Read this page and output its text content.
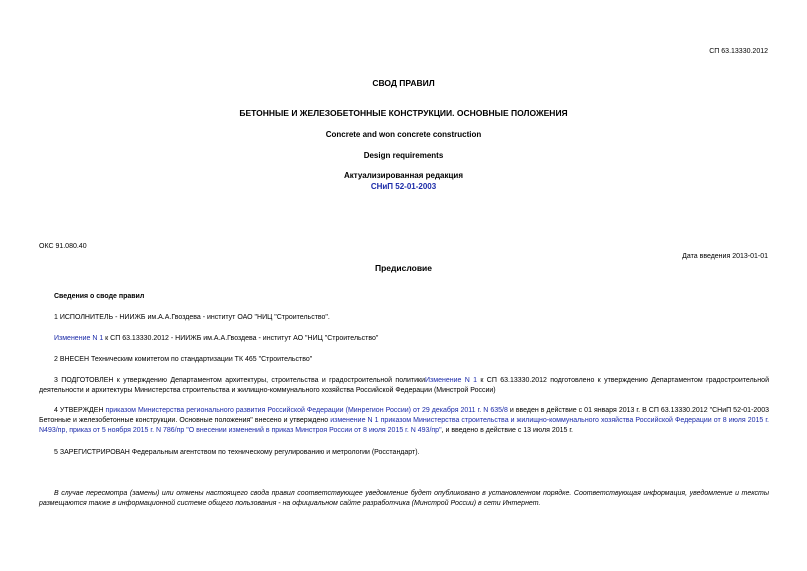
СП 63.13330.2012
СВОД ПРАВИЛ
БЕТОННЫЕ И ЖЕЛЕЗОБЕТОННЫЕ КОНСТРУКЦИИ. ОСНОВНЫЕ ПОЛОЖЕНИЯ
Concrete and won concrete construction
Design requirements
Актуализированная редакция
СНиП 52-01-2003
ОКС 91.080.40
Дата введения 2013-01-01
Предисловие
Сведения о своде правил
1 ИСПОЛНИТЕЛЬ - НИИЖБ им.А.А.Гвоздева - институт ОАО "НИЦ "Строительство".
Изменение N 1 к СП 63.13330.2012 - НИИЖБ им.А.А.Гвоздева - институт АО "НИЦ "Строительство"
2 ВНЕСЕН Техническим комитетом по стандартизации ТК 465 "Строительство"
3 ПОДГОТОВЛЕН к утверждению Департаментом архитектуры, строительства и градостроительной политикиИзменение N 1 к СП 63.13330.2012 подготовлено к утверждению Департаментом градостроительной деятельности и архитектуры Министерства строительства и жилищно-коммунального хозяйства Российской Федерации (Минстрой России)
4 УТВЕРЖДЕН приказом Министерства регионального развития Российской Федерации (Минрегион России) от 29 декабря 2011 г. N 635/8 и введен в действие с 01 января 2013 г. В СП 63.13330.2012 "СНиП 52-01-2003 Бетонные и железобетонные конструкции. Основные положения" внесено и утверждено изменение N 1 приказом Министерства строительства и жилищно-коммунального хозяйства Российской Федерации от 8 июля 2015 г. N493/пр, приказ от 5 ноября 2015 г. N 786/пр "О внесении изменений в приказ Минстроя России от 8 июля 2015 г. N 493/пр", и введено в действие с 13 июля 2015 г.
5 ЗАРЕГИСТРИРОВАН Федеральным агентством по техническому регулированию и метрологии (Росстандарт).
В случае пересмотра (замены) или отмены настоящего свода правил соответствующее уведомление будет опубликовано в установленном порядке. Соответствующая информация, уведомление и тексты размещаются также в информационной системе общего пользования - на официальном сайте разработчика (Минстрой России) в сети Интернет.
